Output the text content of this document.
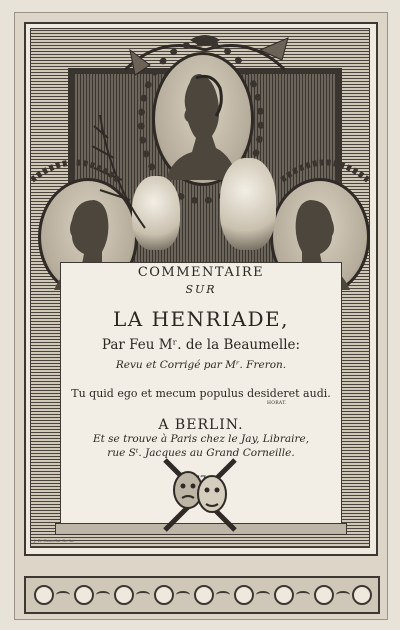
COMMENTAIRE
SUR
LA HENRIADE,
Par Feu Mʳ. de la Beaumelle:
Revu et Corrigé par Mʳ. Freron.
Tu quid ego et mecum populus desideret audi.
HORAT.
A BERLIN.
Et se trouve à Paris chez le Jay, Libraire,
rue Sᵗ. Jacques au Grand Corneille.
J. B. Gravelot Gr. In.
